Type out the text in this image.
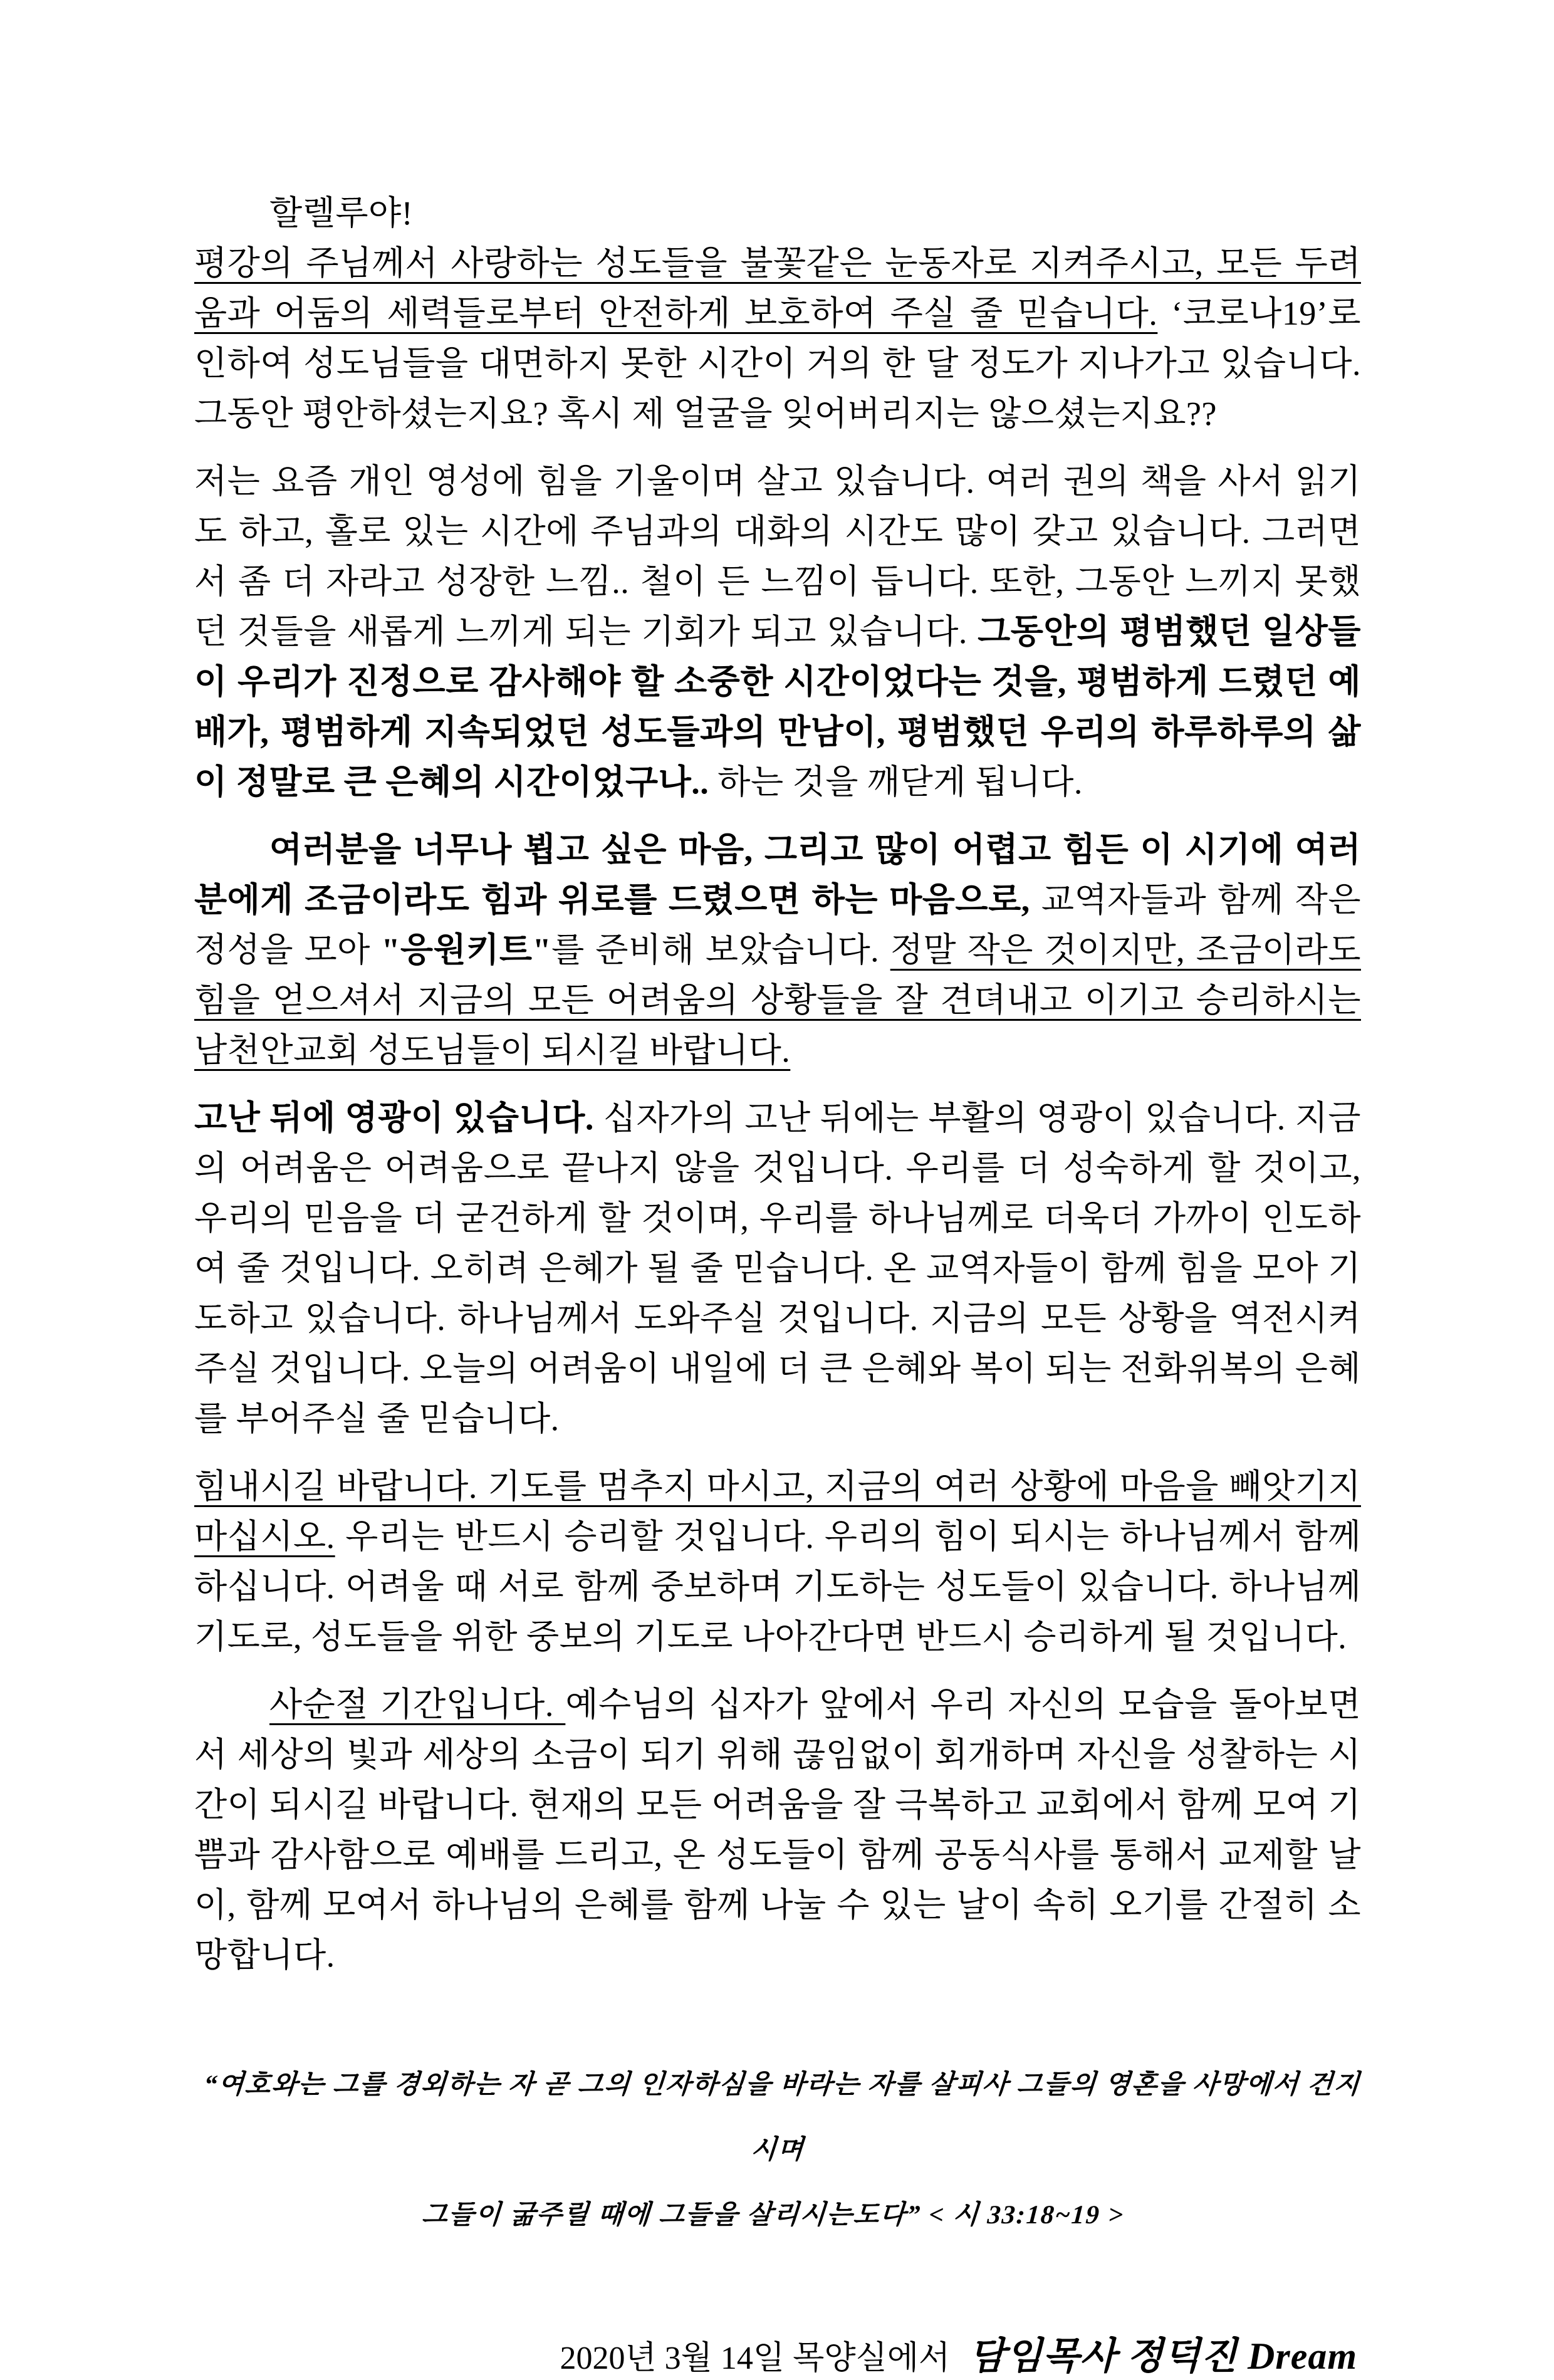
할렐루야!

평강의 주님께서 사랑하는 성도들을 불꽃같은 눈동자로 지켜주시고, 모든 두려움과 어둠의 세력들로부터 안전하게 보호하여 주실 줄 믿습니다. ‘코로나19’로 인하여 성도님들을 대면하지 못한 시간이 거의 한 달 정도가 지나가고 있습니다. 그동안 평안하셨는지요? 혹시 제 얼굴을 잊어버리지는 않으셨는지요??

저는 요즘 개인 영성에 힘을 기울이며 살고 있습니다. 여러 권의 책을 사서 읽기도 하고, 홀로 있는 시간에 주님과의 대화의 시간도 많이 갖고 있습니다. 그러면서 좀 더 자라고 성장한 느낌.. 철이 든 느낌이 듭니다. 또한, 그동안 느끼지 못했던 것들을 새롭게 느끼게 되는 기회가 되고 있습니다. 그동안의 평범했던 일상들이 우리가 진정으로 감사해야 할 소중한 시간이었다는 것을, 평범하게 드렸던 예배가, 평범하게 지속되었던 성도들과의 만남이, 평범했던 우리의 하루하루의 삶이 정말로 큰 은혜의 시간이었구나.. 하는 것을 깨닫게 됩니다.

여러분을 너무나 뵙고 싶은 마음, 그리고 많이 어렵고 힘든 이 시기에 여러분에게 조금이라도 힘과 위로를 드렸으면 하는 마음으로, 교역자들과 함께 작은 정성을 모아 "응원키트"를 준비해 보았습니다. 정말 작은 것이지만, 조금이라도 힘을 얻으셔서 지금의 모든 어려움의 상황들을 잘 견뎌내고 이기고 승리하시는 남천안교회 성도님들이 되시길 바랍니다.

고난 뒤에 영광이 있습니다. 십자가의 고난 뒤에는 부활의 영광이 있습니다. 지금의 어려움은 어려움으로 끝나지 않을 것입니다. 우리를 더 성숙하게 할 것이고, 우리의 믿음을 더 굳건하게 할 것이며, 우리를 하나님께로 더욱더 가까이 인도하여 줄 것입니다. 오히려 은혜가 될 줄 믿습니다. 온 교역자들이 함께 힘을 모아 기도하고 있습니다. 하나님께서 도와주실 것입니다. 지금의 모든 상황을 역전시켜 주실 것입니다. 오늘의 어려움이 내일에 더 큰 은혜와 복이 되는 전화위복의 은혜를 부어주실 줄 믿습니다.

힘내시길 바랍니다. 기도를 멈추지 마시고, 지금의 여러 상황에 마음을 빼앗기지 마십시오. 우리는 반드시 승리할 것입니다. 우리의 힘이 되시는 하나님께서 함께 하십니다. 어려울 때 서로 함께 중보하며 기도하는 성도들이 있습니다. 하나님께 기도로, 성도들을 위한 중보의 기도로 나아간다면 반드시 승리하게 될 것입니다.

사순절 기간입니다. 예수님의 십자가 앞에서 우리 자신의 모습을 돌아보면서 세상의 빛과 세상의 소금이 되기 위해 끊임없이 회개하며 자신을 성찰하는 시간이 되시길 바랍니다. 현재의 모든 어려움을 잘 극복하고 교회에서 함께 모여 기쁨과 감사함으로 예배를 드리고, 온 성도들이 함께 공동식사를 통해서 교제할 날이, 함께 모여서 하나님의 은혜를 함께 나눌 수 있는 날이 속히 오기를 간절히 소망합니다.

“여호와는 그를 경외하는 자 곧 그의 인자하심을 바라는 자를 살피사 그들의 영혼을 사망에서 건지시며
그들이 굶주릴 때에 그들을 살리시는도다” < 시 33:18~19 >
2020년 3월 14일 목양실에서 담임목사 정덕진 Dream
